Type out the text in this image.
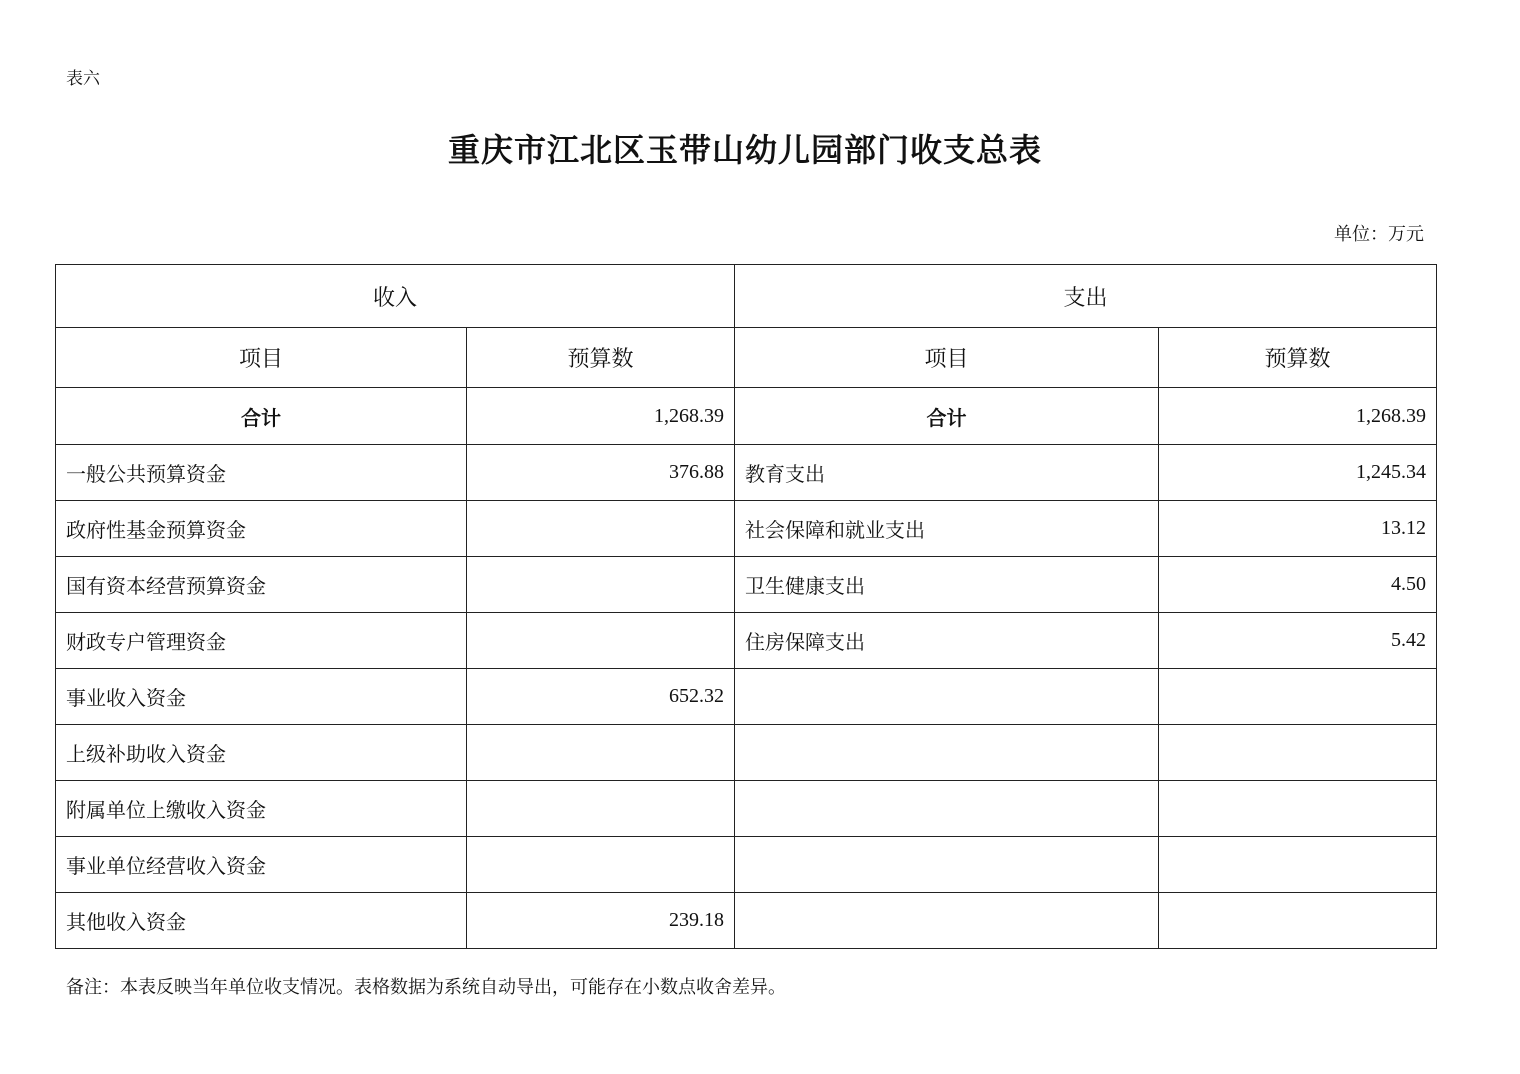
表六
重庆市江北区玉带山幼儿园部门收支总表
单位：万元
收入		支出	
项目	预算数	项目	预算数
合计	1,268.39	合计	1,268.39
一般公共预算资金	376.88	教育支出	1,245.34
政府性基金预算资金		社会保障和就业支出	13.12
国有资本经营预算资金		卫生健康支出	4.50
财政专户管理资金		住房保障支出	5.42
事业收入资金	652.32		
上级补助收入资金			
附属单位上缴收入资金			
事业单位经营收入资金			
其他收入资金	239.18		
备注：本表反映当年单位收支情况。表格数据为系统自动导出，可能存在小数点收舍差异。
